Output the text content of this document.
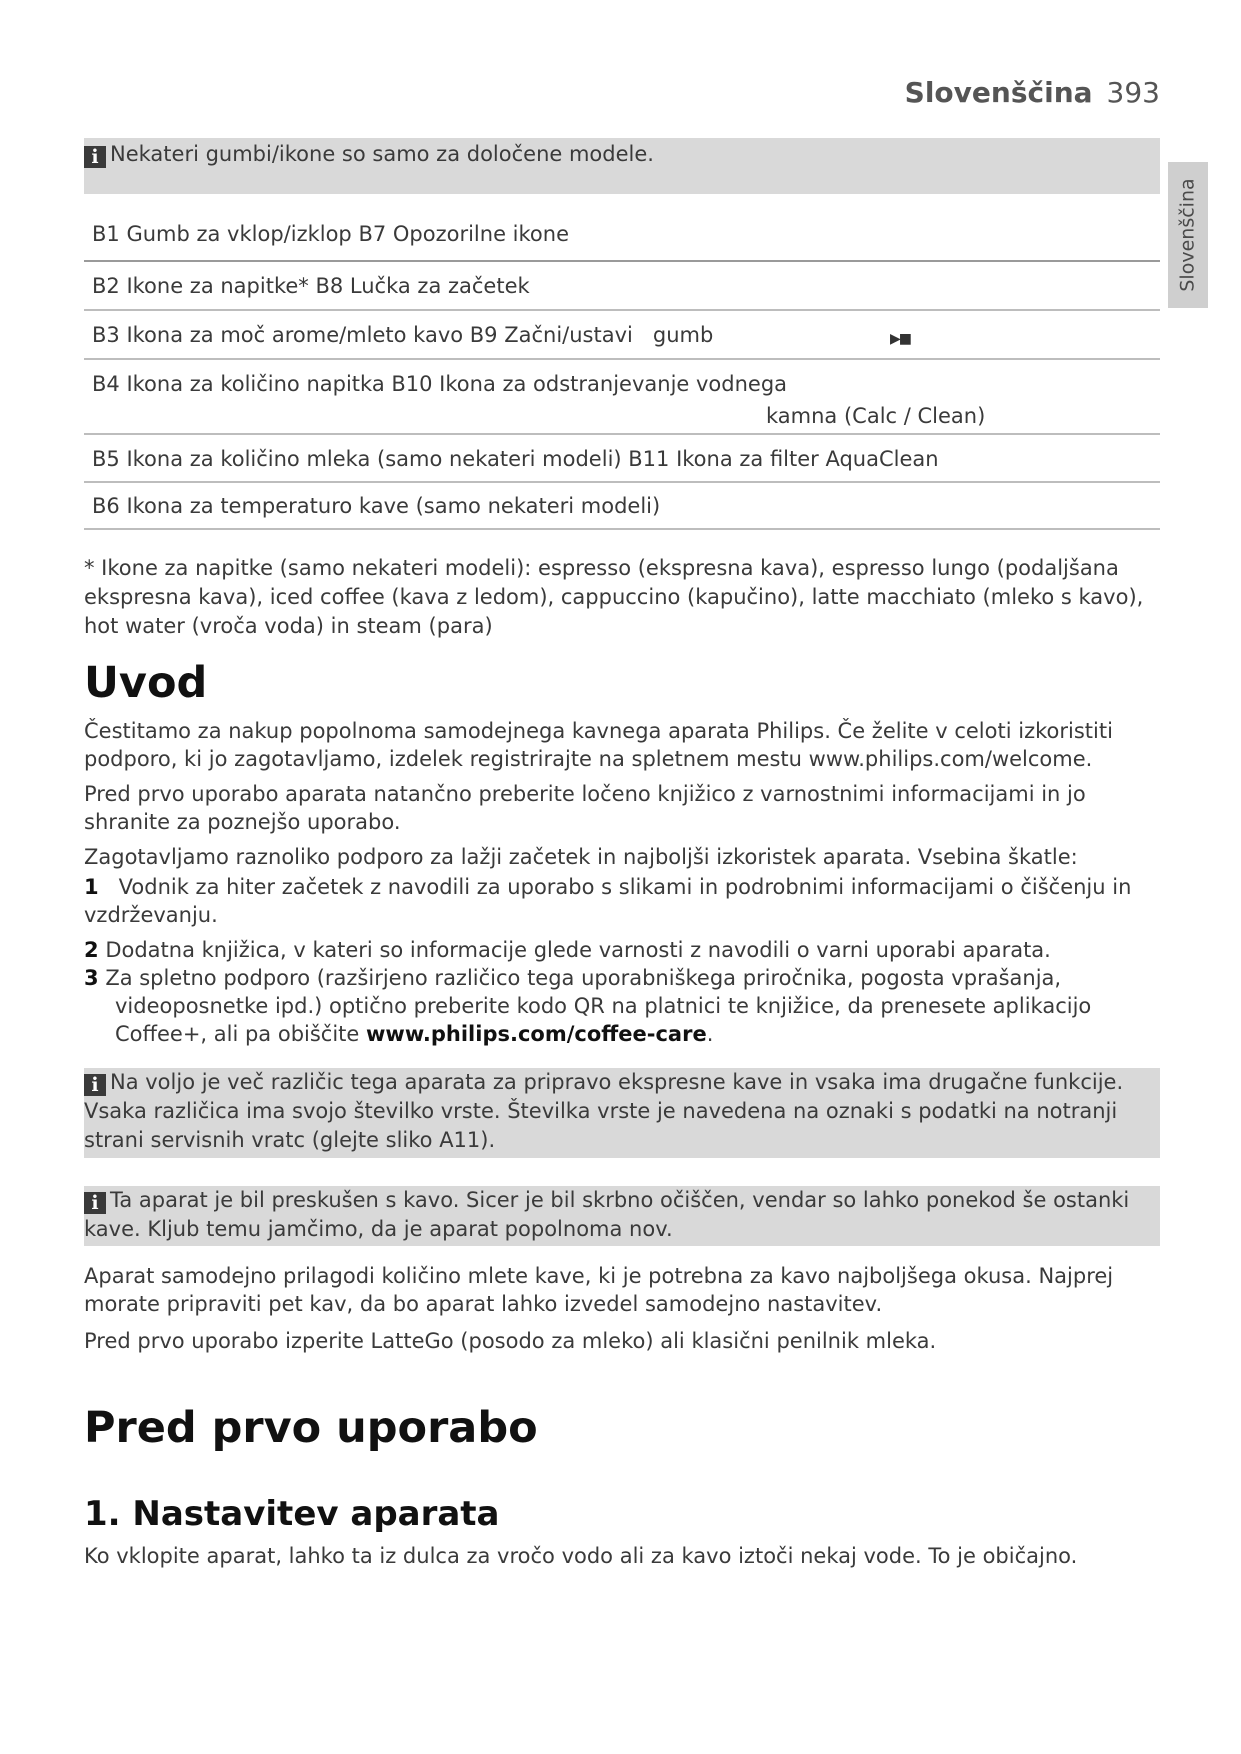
Slovenščina 393
Slovenščina
i Nekateri gumbi/ikone so samo za določene modele.
B1 Gumb za vklop/izklop B7 Opozorilne ikone
B2 Ikone za napitke* B8 Lučka za začetek
B3 Ikona za moč arome/mleto kavo B9 Začni/ustavi   gumb	▶■
B4 Ikona za količino napitka B10 Ikona za odstranjevanje vodnega
kamna (Calc / Clean)
B5 Ikona za količino mleka (samo nekateri modeli) B11 Ikona za filter AquaClean
B6 Ikona za temperaturo kave (samo nekateri modeli)

* Ikone za napitke (samo nekateri modeli): espresso (ekspresna kava), espresso lungo (podaljšana ekspresna kava), iced coffee (kava z ledom), cappuccino (kapučino), latte macchiato (mleko s kavo), hot water (vroča voda) in steam (para)

Uvod

Čestitamo za nakup popolnoma samodejnega kavnega aparata Philips. Če želite v celoti izkoristiti podporo, ki jo zagotavljamo, izdelek registrirajte na spletnem mestu www.philips.com/welcome.

Pred prvo uporabo aparata natančno preberite ločeno knjižico z varnostnimi informacijami in jo shranite za poznejšo uporabo.

Zagotavljamo raznoliko podporo za lažji začetek in najboljši izkoristek aparata. Vsebina škatle:

1 Vodnik za hiter začetek z navodili za uporabo s slikami in podrobnimi informacijami o čiščenju in vzdrževanju.
2 Dodatna knjižica, v kateri so informacije glede varnosti z navodili o varni uporabi aparata.
3 Za spletno podporo (razširjeno različico tega uporabniškega priročnika, pogosta vprašanja,
videoposnetke ipd.) optično preberite kodo QR na platnici te knjižice, da prenesete aplikacijo Coffee+, ali pa obiščite www.philips.com/coffee-care.
i Na voljo je več različic tega aparata za pripravo ekspresne kave in vsaka ima drugačne funkcije. Vsaka različica ima svojo številko vrste. Številka vrste je navedena na oznaki s podatki na notranji strani servisnih vratc (glejte sliko A11).
i Ta aparat je bil preskušen s kavo. Sicer je bil skrbno očiščen, vendar so lahko ponekod še ostanki kave. Kljub temu jamčimo, da je aparat popolnoma nov.

Aparat samodejno prilagodi količino mlete kave, ki je potrebna za kavo najboljšega okusa. Najprej morate pripraviti pet kav, da bo aparat lahko izvedel samodejno nastavitev.

Pred prvo uporabo izperite LatteGo (posodo za mleko) ali klasični penilnik mleka.

Pred prvo uporabo
1. Nastavitev aparata

Ko vklopite aparat, lahko ta iz dulca za vročo vodo ali za kavo iztoči nekaj vode. To je običajno.
